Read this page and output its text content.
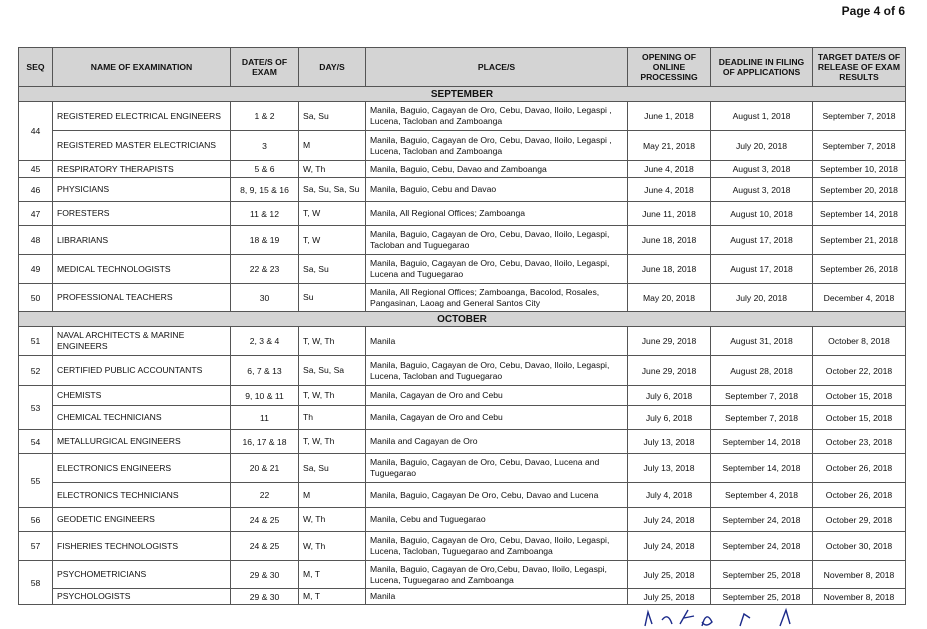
Page 4 of 6
SEQ	NAME OF EXAMINATION	DATE/S OF EXAM	DAY/S	PLACE/S	OPENING OF ONLINE PROCESSING	DEADLINE IN FILING OF APPLICATIONS	TARGET DATE/S OF RELEASE OF EXAM RESULTS
SEPTEMBER							
44	REGISTERED ELECTRICAL ENGINEERS	1 & 2	Sa, Su	Manila, Baguio, Cagayan de Oro, Cebu, Davao, Iloilo, Legaspi , Lucena, Tacloban and Zamboanga	June 1, 2018	August 1, 2018	September 7, 2018
	REGISTERED MASTER ELECTRICIANS	3	M	Manila, Baguio, Cagayan de Oro, Cebu, Davao, Iloilo, Legaspi , Lucena, Tacloban and Zamboanga	May 21, 2018	July 20, 2018	September 7, 2018
45	RESPIRATORY THERAPISTS	5 & 6	W, Th	Manila, Baguio, Cebu, Davao and Zamboanga	June 4, 2018	August 3, 2018	September 10, 2018
46	PHYSICIANS	8, 9, 15 & 16	Sa, Su, Sa, Su	Manila, Baguio, Cebu and Davao	June 4, 2018	August 3, 2018	September 20, 2018
47	FORESTERS	11 & 12	T, W	Manila, All Regional Offices; Zamboanga	June 11, 2018	August 10, 2018	September 14, 2018
48	LIBRARIANS	18 & 19	T, W	Manila, Baguio, Cagayan de Oro, Cebu, Davao, Iloilo, Legaspi, Tacloban and Tuguegarao	June 18, 2018	August 17, 2018	September 21, 2018
49	MEDICAL TECHNOLOGISTS	22 & 23	Sa, Su	Manila, Baguio, Cagayan de Oro, Cebu, Davao, Iloilo, Legaspi, Lucena and Tuguegarao	June 18, 2018	August 17, 2018	September 26, 2018
50	PROFESSIONAL TEACHERS	30	Su	Manila, All Regional Offices; Zamboanga, Bacolod, Rosales, Pangasinan, Laoag and General Santos City	May 20, 2018	July 20, 2018	December 4, 2018
OCTOBER							
51	NAVAL ARCHITECTS & MARINE ENGINEERS	2, 3 & 4	T, W, Th	Manila	June 29, 2018	August 31, 2018	October 8, 2018
52	CERTIFIED PUBLIC ACCOUNTANTS	6, 7 & 13	Sa, Su, Sa	Manila, Baguio, Cagayan de Oro, Cebu, Davao, Iloilo, Legaspi, Lucena, Tacloban and Tuguegarao	June 29, 2018	August 28, 2018	October 22, 2018
53	CHEMISTS	9, 10 & 11	T, W, Th	Manila, Cagayan de Oro and Cebu	July 6, 2018	September 7, 2018	October 15, 2018
	CHEMICAL TECHNICIANS	11	Th	Manila, Cagayan de Oro and Cebu	July 6, 2018	September 7, 2018	October 15, 2018
54	METALLURGICAL ENGINEERS	16, 17 & 18	T, W, Th	Manila and Cagayan de Oro	July 13, 2018	September 14, 2018	October 23, 2018
55	ELECTRONICS ENGINEERS	20 & 21	Sa, Su	Manila, Baguio, Cagayan de Oro, Cebu, Davao, Lucena and Tuguegarao	July 13, 2018	September 14, 2018	October 26, 2018
	ELECTRONICS TECHNICIANS	22	M	Manila, Baguio, Cagayan De Oro, Cebu, Davao and Lucena	July 4, 2018	September 4, 2018	October 26, 2018
56	GEODETIC ENGINEERS	24 & 25	W, Th	Manila, Cebu and Tuguegarao	July 24, 2018	September 24, 2018	October 29, 2018
57	FISHERIES TECHNOLOGISTS	24 & 25	W, Th	Manila, Baguio, Cagayan de Oro, Cebu, Davao, Iloilo, Legaspi, Lucena, Tacloban, Tuguegarao and Zamboanga	July 24, 2018	September 24, 2018	October 30, 2018
58	PSYCHOMETRICIANS	29 & 30	M, T	Manila, Baguio, Cagayan de Oro,Cebu, Davao, Iloilo, Legaspi, Lucena, Tuguegarao and Zamboanga	July 25, 2018	September 25, 2018	November 8, 2018
	PSYCHOLOGISTS	29 & 30	M, T	Manila	July 25, 2018	September 25, 2018	November 8, 2018
